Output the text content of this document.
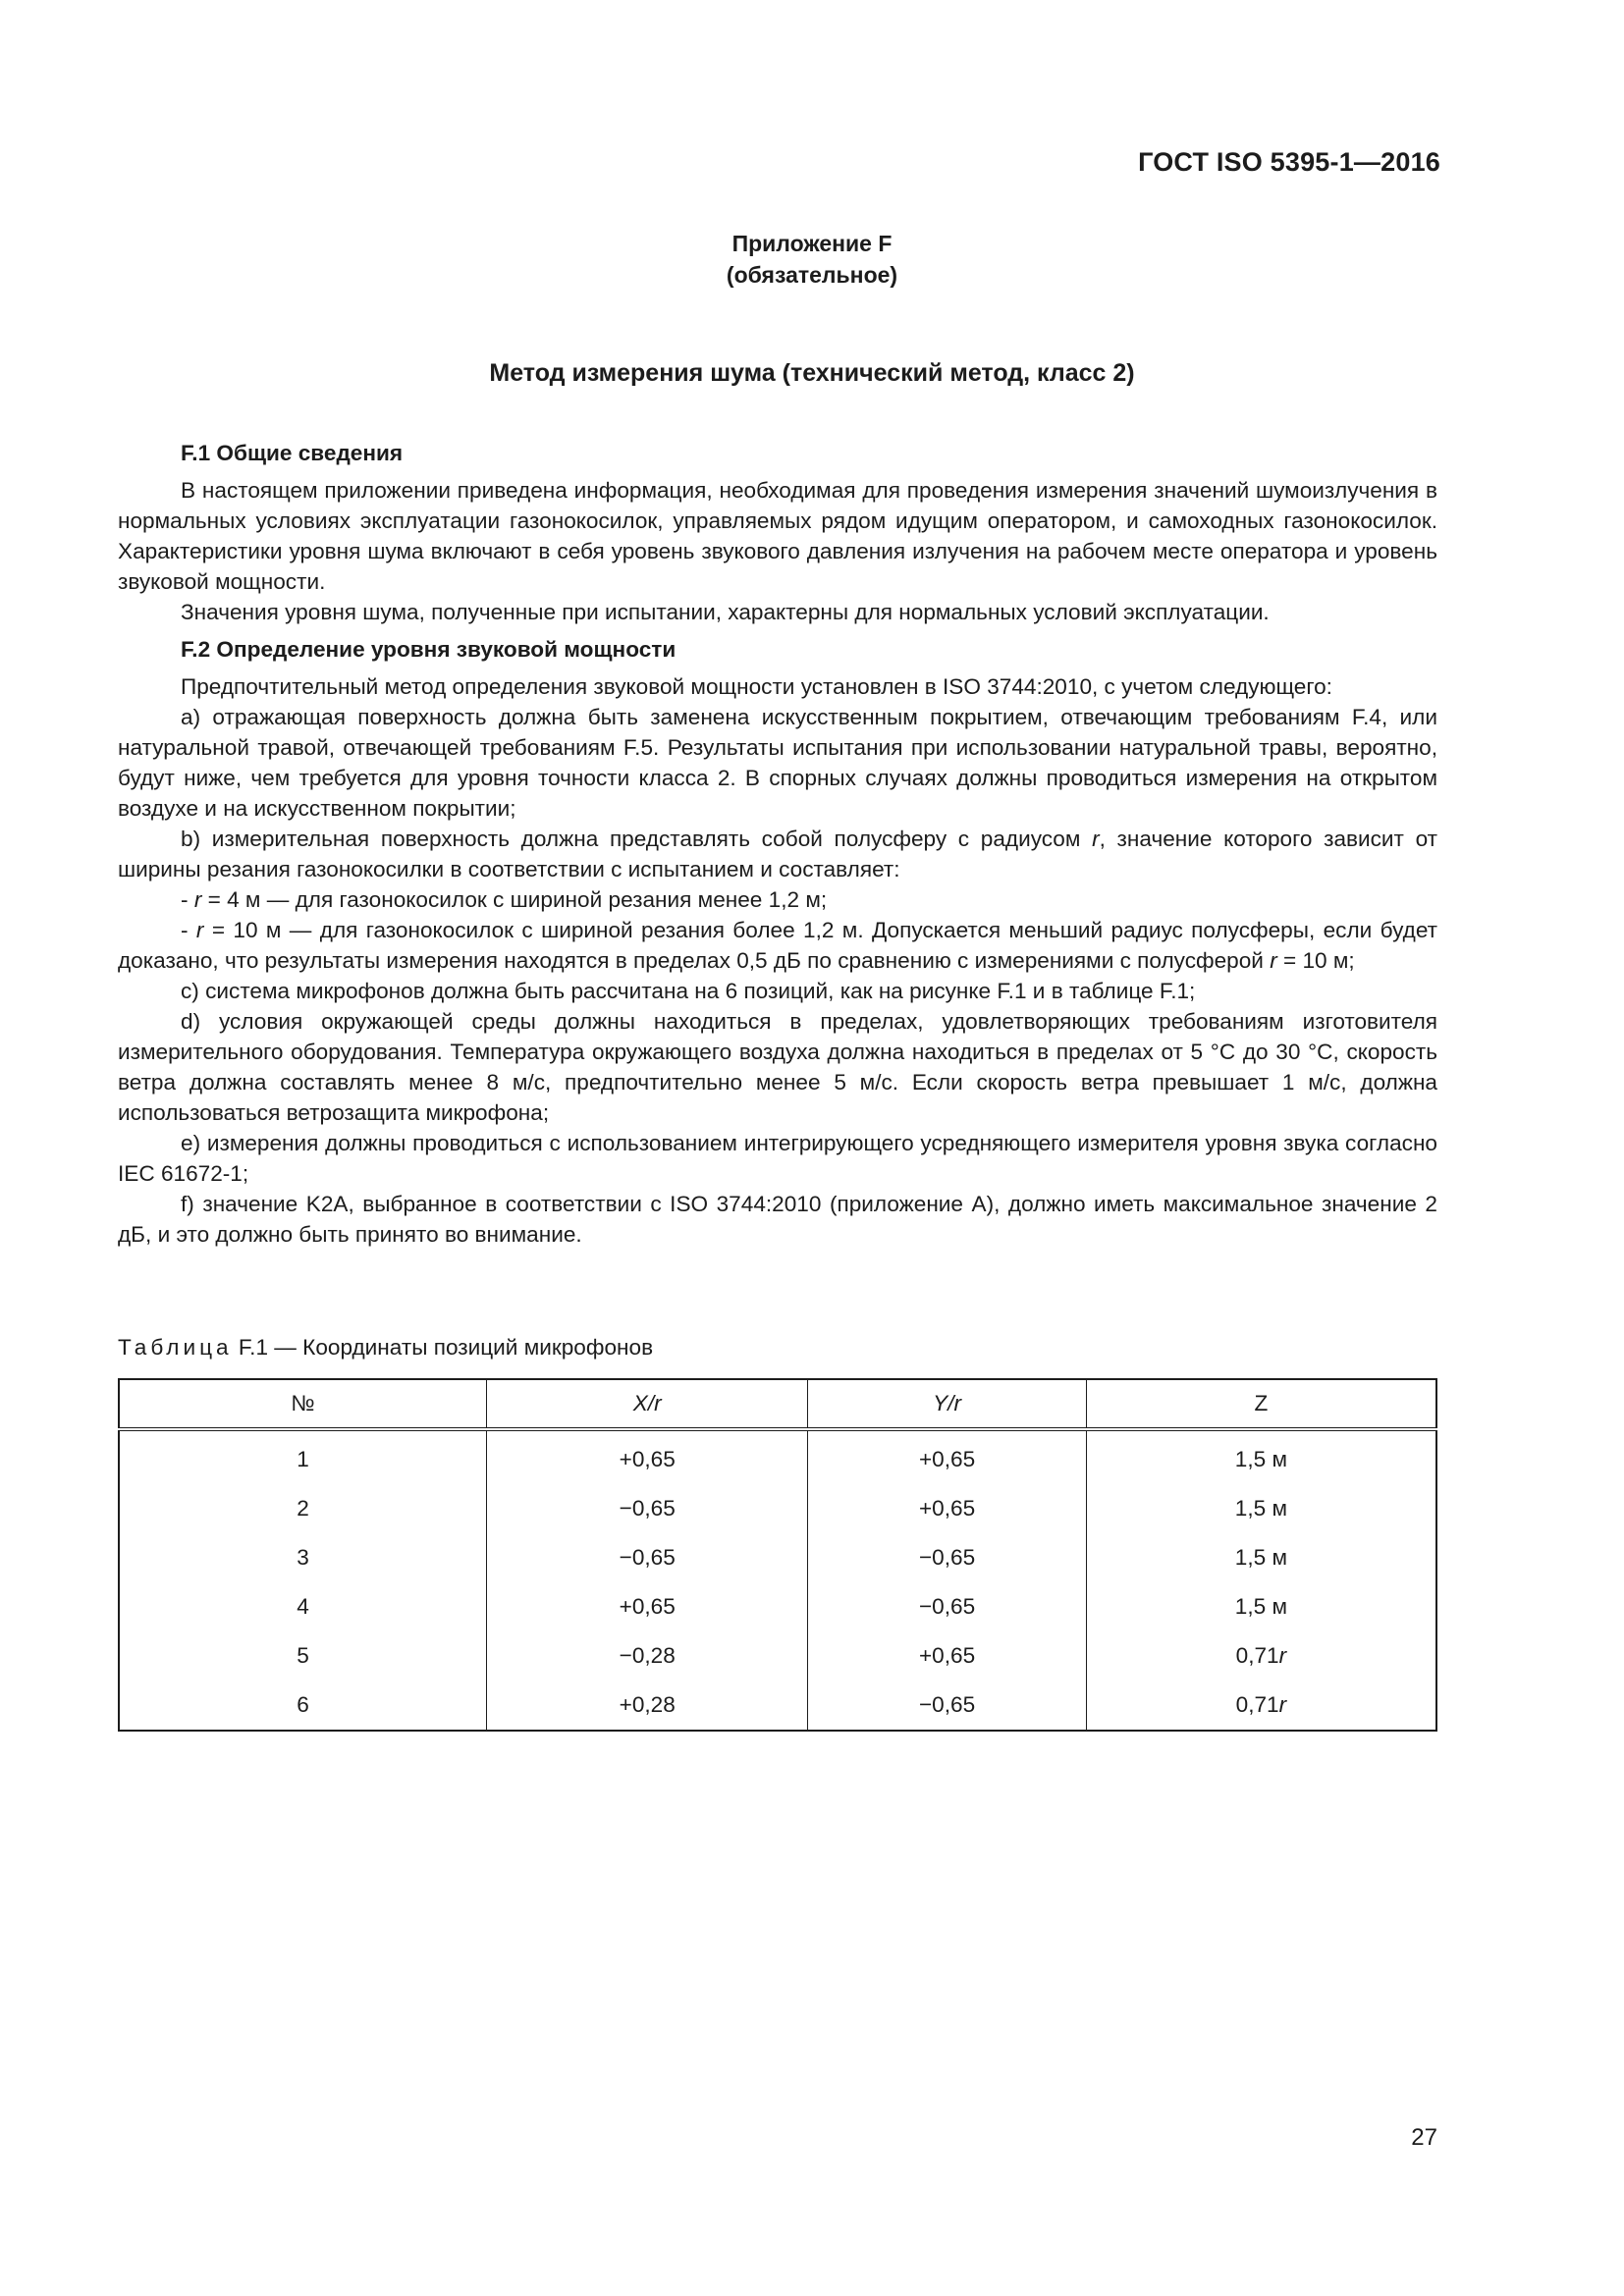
ГОСТ ISO 5395-1—2016
Приложение F
(обязательное)
Метод измерения шума (технический метод, класс 2)
F.1 Общие сведения

В настоящем приложении приведена информация, необходимая для проведения измерения значений шумоизлучения в нормальных условиях эксплуатации газонокосилок, управляемых рядом идущим оператором, и самоходных газонокосилок. Характеристики уровня шума включают в себя уровень звукового давления излучения на рабочем месте оператора и уровень звуковой мощности.

Значения уровня шума, полученные при испытании, характерны для нормальных условий эксплуатации.

F.2 Определение уровня звуковой мощности

Предпочтительный метод определения звуковой мощности установлен в ISO 3744:2010, с учетом следующего:

а) отражающая поверхность должна быть заменена искусственным покрытием, отвечающим требованиям F.4, или натуральной травой, отвечающей требованиям F.5. Результаты испытания при использовании натуральной травы, вероятно, будут ниже, чем требуется для уровня точности класса 2. В спорных случаях должны проводиться измерения на открытом воздухе и на искусственном покрытии;

b) измерительная поверхность должна представлять собой полусферу с радиусом r, значение которого зависит от ширины резания газонокосилки в соответствии с испытанием и составляет:

- r = 4 м — для газонокосилок с шириной резания менее 1,2 м;

- r = 10 м — для газонокосилок с шириной резания более 1,2 м. Допускается меньший радиус полусферы, если будет доказано, что результаты измерения находятся в пределах 0,5 дБ по сравнению с измерениями с полусферой r = 10 м;

с) система микрофонов должна быть рассчитана на 6 позиций, как на рисунке F.1 и в таблице F.1;

d) условия окружающей среды должны находиться в пределах, удовлетворяющих требованиям изготовителя измерительного оборудования. Температура окружающего воздуха должна находиться в пределах от 5 °С до 30 °С, скорость ветра должна составлять менее 8 м/с, предпочтительно менее 5 м/с. Если скорость ветра превышает 1 м/с, должна использоваться ветрозащита микрофона;

е) измерения должны проводиться с использованием интегрирующего усредняющего измерителя уровня звука согласно IEC 61672-1;

f) значение K2A, выбранное в соответствии с ISO 3744:2010 (приложение А), должно иметь максимальное значение 2 дБ, и это должно быть принято во внимание.

Таблица F.1 — Координаты позиций микрофонов
№	X/r	Y/r	Z
1	+0,65	+0,65	1,5 м
2	−0,65	+0,65	1,5 м
3	−0,65	−0,65	1,5 м
4	+0,65	−0,65	1,5 м
5	−0,28	+0,65	0,71r
6	+0,28	−0,65	0,71r
27
